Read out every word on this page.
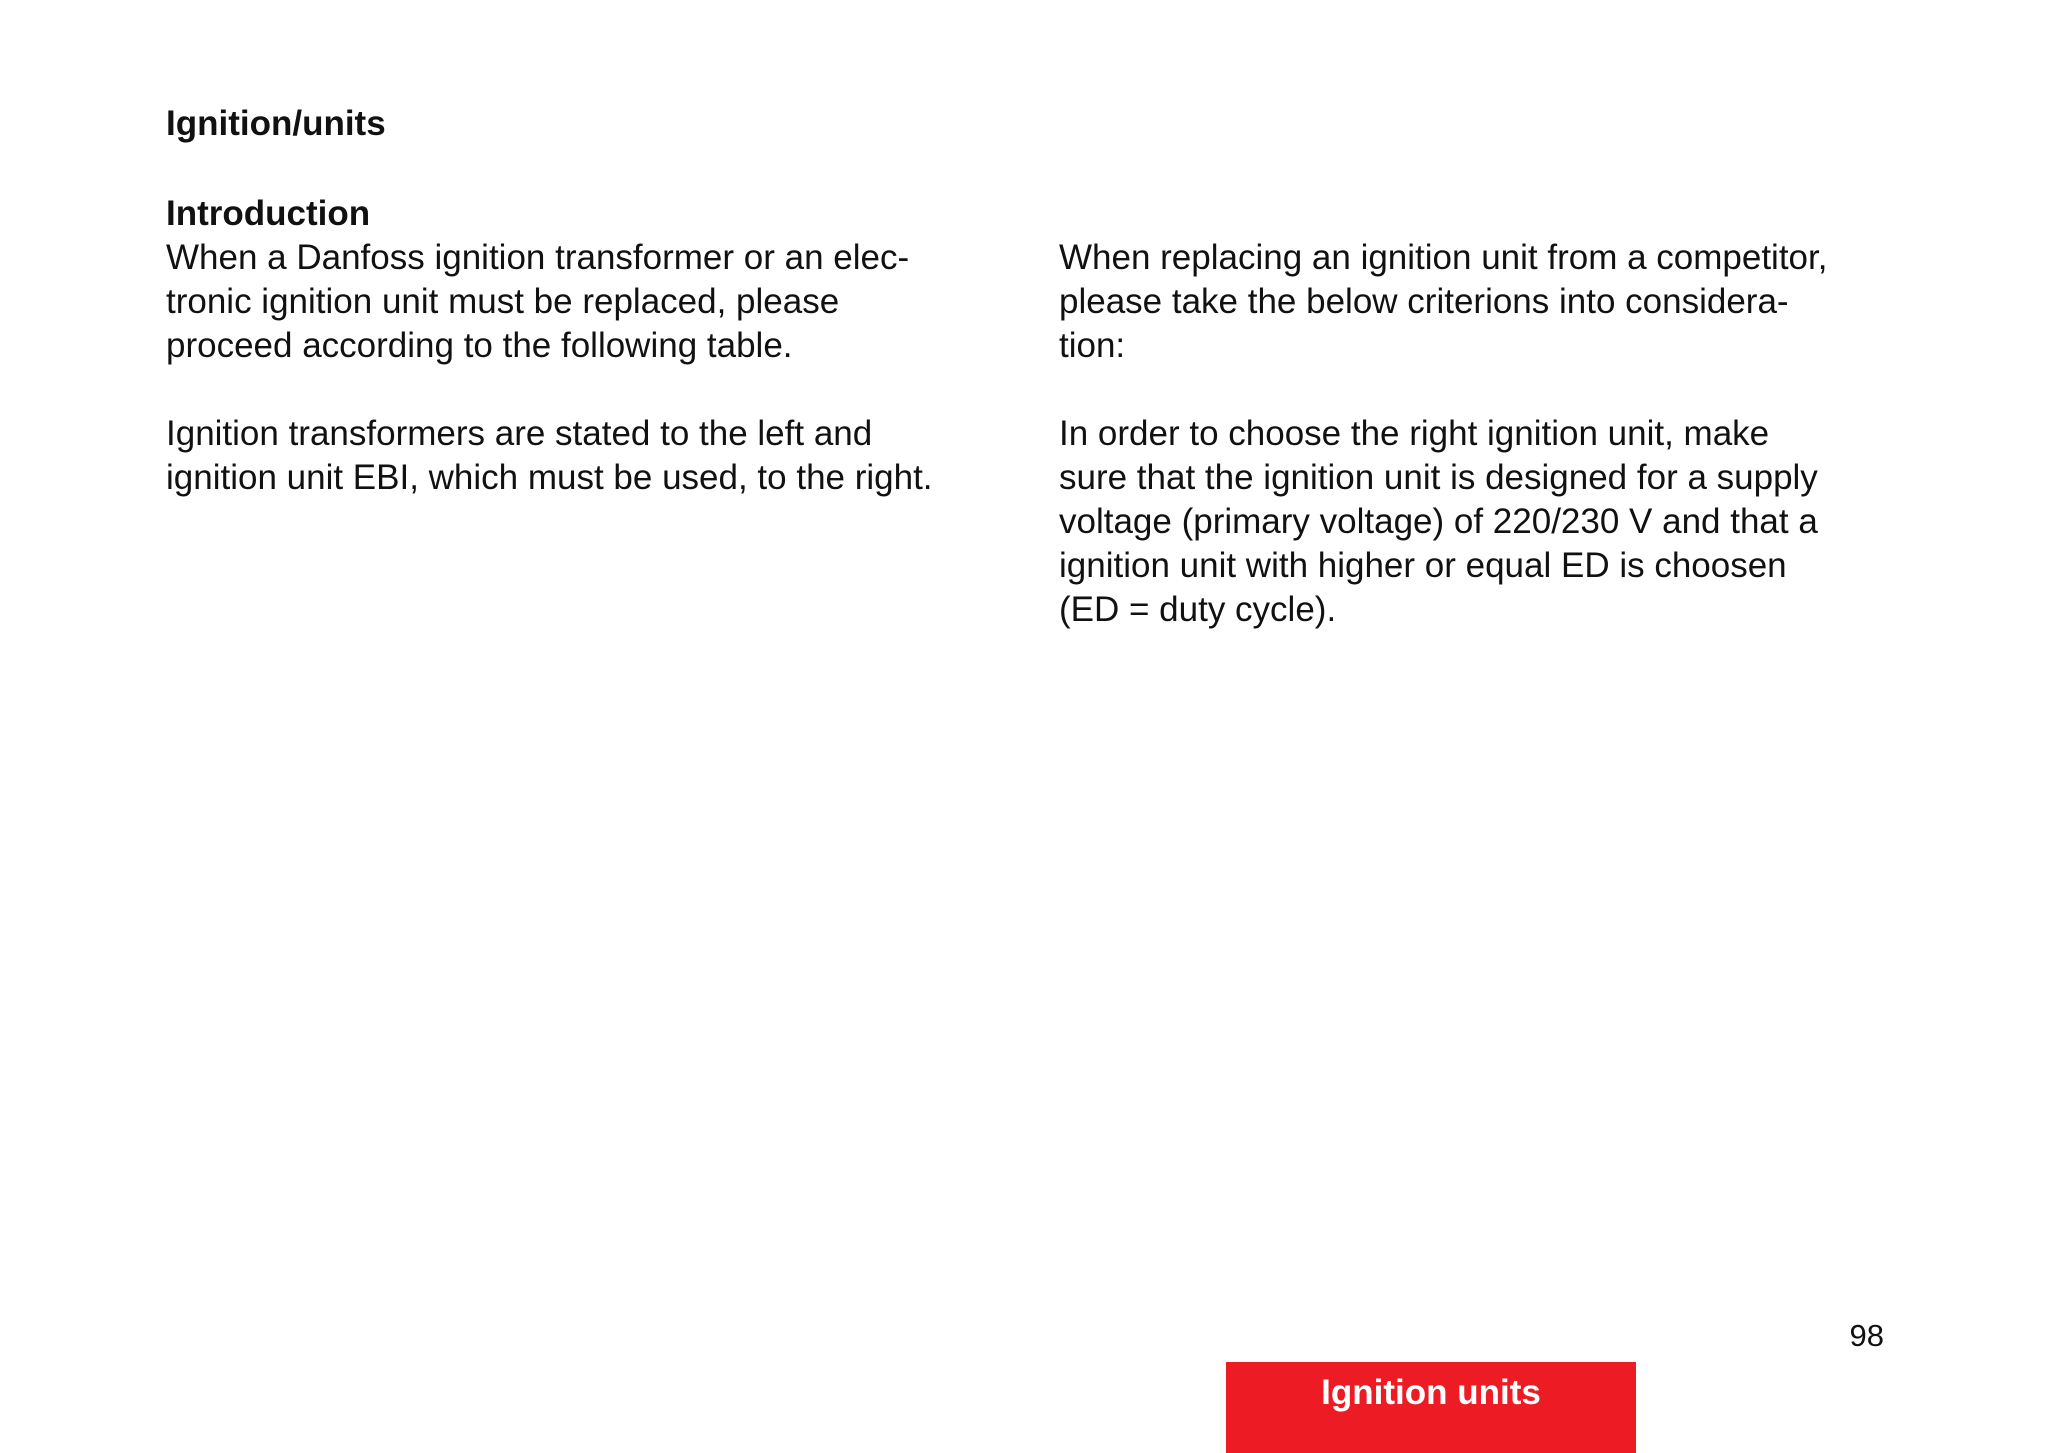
Ignition/units
Introduction

When a Danfoss ignition transformer or an elec-
tronic ignition unit must be replaced, please
proceed according to the following table.

Ignition transformers are stated to the left and
ignition unit EBI, which must be used, to the right.

When replacing an ignition unit from a competitor,
please take the below criterions into considera-
tion:

In order to choose the right ignition unit, make
sure that the ignition unit is designed for a supply
voltage (primary voltage) of 220/230 V and that a
ignition unit with higher or equal ED is choosen
(ED = duty cycle).

98
Ignition units
